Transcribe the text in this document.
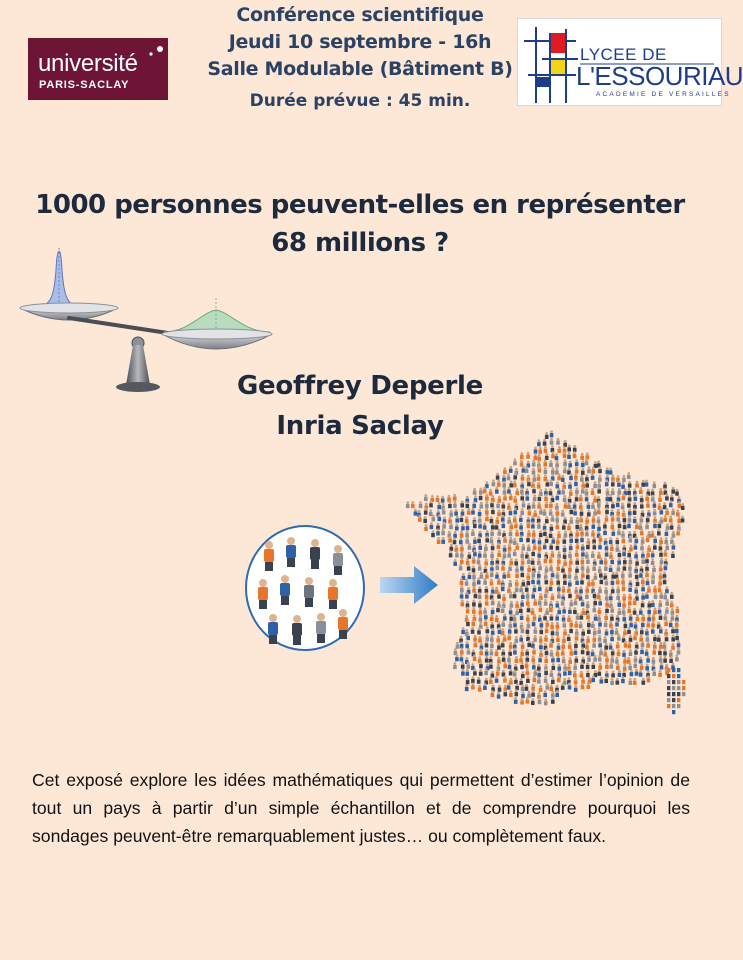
université
PARIS-SACLAY
Conférence scientifique
Jeudi 10 septembre - 16h
Salle Modulable (Bâtiment B)
Durée prévue : 45 min.
LYCEE DE
L'ESSOURIAU
ACADEMIE DE VERSAILLES
1000 personnes peuvent-elles en représenter
68 millions ?
Geoffrey Deperle
Inria Saclay
Cet exposé explore les idées mathématiques qui permettent d’estimer l’opinion de tout un pays à partir d’un simple échantillon et de comprendre pourquoi les sondages peuvent-être remarquablement justes… ou complètement faux.
